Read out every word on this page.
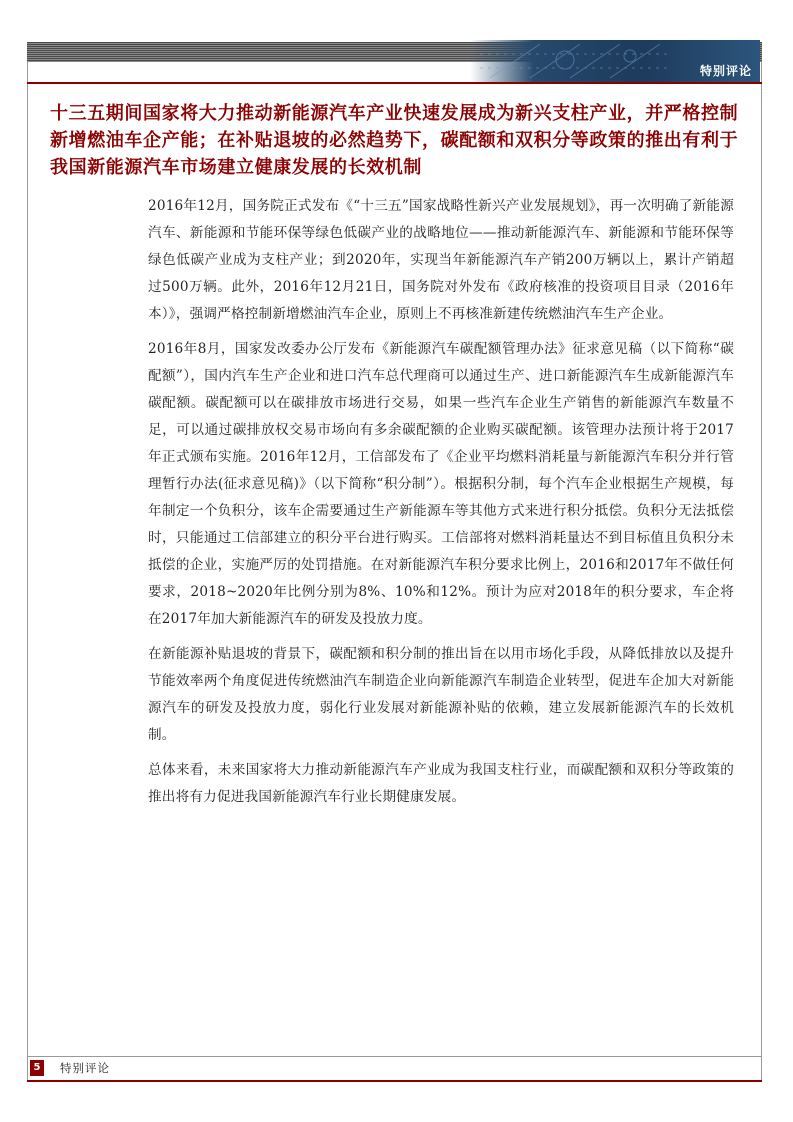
特别评论
十三五期间国家将大力推动新能源汽车产业快速发展成为新兴支柱产业，并严格控制新增燃油车企产能；在补贴退坡的必然趋势下，碳配额和双积分等政策的推出有利于我国新能源汽车市场建立健康发展的长效机制

2016年12月，国务院正式发布《“十三五”国家战略性新兴产业发展规划》，再一次明确了新能源汽车、新能源和节能环保等绿色低碳产业的战略地位——推动新能源汽车、新能源和节能环保等绿色低碳产业成为支柱产业；到2020年，实现当年新能源汽车产销200万辆以上，累计产销超过500万辆。此外，2016年12月21日，国务院对外发布《政府核准的投资项目目录（2016年本）》，强调严格控制新增燃油汽车企业，原则上不再核准新建传统燃油汽车生产企业。

2016年8月，国家发改委办公厅发布《新能源汽车碳配额管理办法》征求意见稿（以下简称“碳配额”），国内汽车生产企业和进口汽车总代理商可以通过生产、进口新能源汽车生成新能源汽车碳配额。碳配额可以在碳排放市场进行交易，如果一些汽车企业生产销售的新能源汽车数量不足，可以通过碳排放权交易市场向有多余碳配额的企业购买碳配额。该管理办法预计将于2017年正式颁布实施。2016年12月，工信部发布了《企业平均燃料消耗量与新能源汽车积分并行管理暂行办法(征求意见稿)》（以下简称“积分制”）。根据积分制，每个汽车企业根据生产规模，每年制定一个负积分，该车企需要通过生产新能源车等其他方式来进行积分抵偿。负积分无法抵偿时，只能通过工信部建立的积分平台进行购买。工信部将对燃料消耗量达不到目标值且负积分未抵偿的企业，实施严厉的处罚措施。在对新能源汽车积分要求比例上，2016和2017年不做任何要求，2018~2020年比例分别为8%、10%和12%。预计为应对2018年的积分要求，车企将在2017年加大新能源汽车的研发及投放力度。

在新能源补贴退坡的背景下，碳配额和积分制的推出旨在以用市场化手段，从降低排放以及提升节能效率两个角度促进传统燃油汽车制造企业向新能源汽车制造企业转型，促进车企加大对新能源汽车的研发及投放力度，弱化行业发展对新能源补贴的依赖，建立发展新能源汽车的长效机制。

总体来看，未来国家将大力推动新能源汽车产业成为我国支柱行业，而碳配额和双积分等政策的推出将有力促进我国新能源汽车行业长期健康发展。

5	特别评论
